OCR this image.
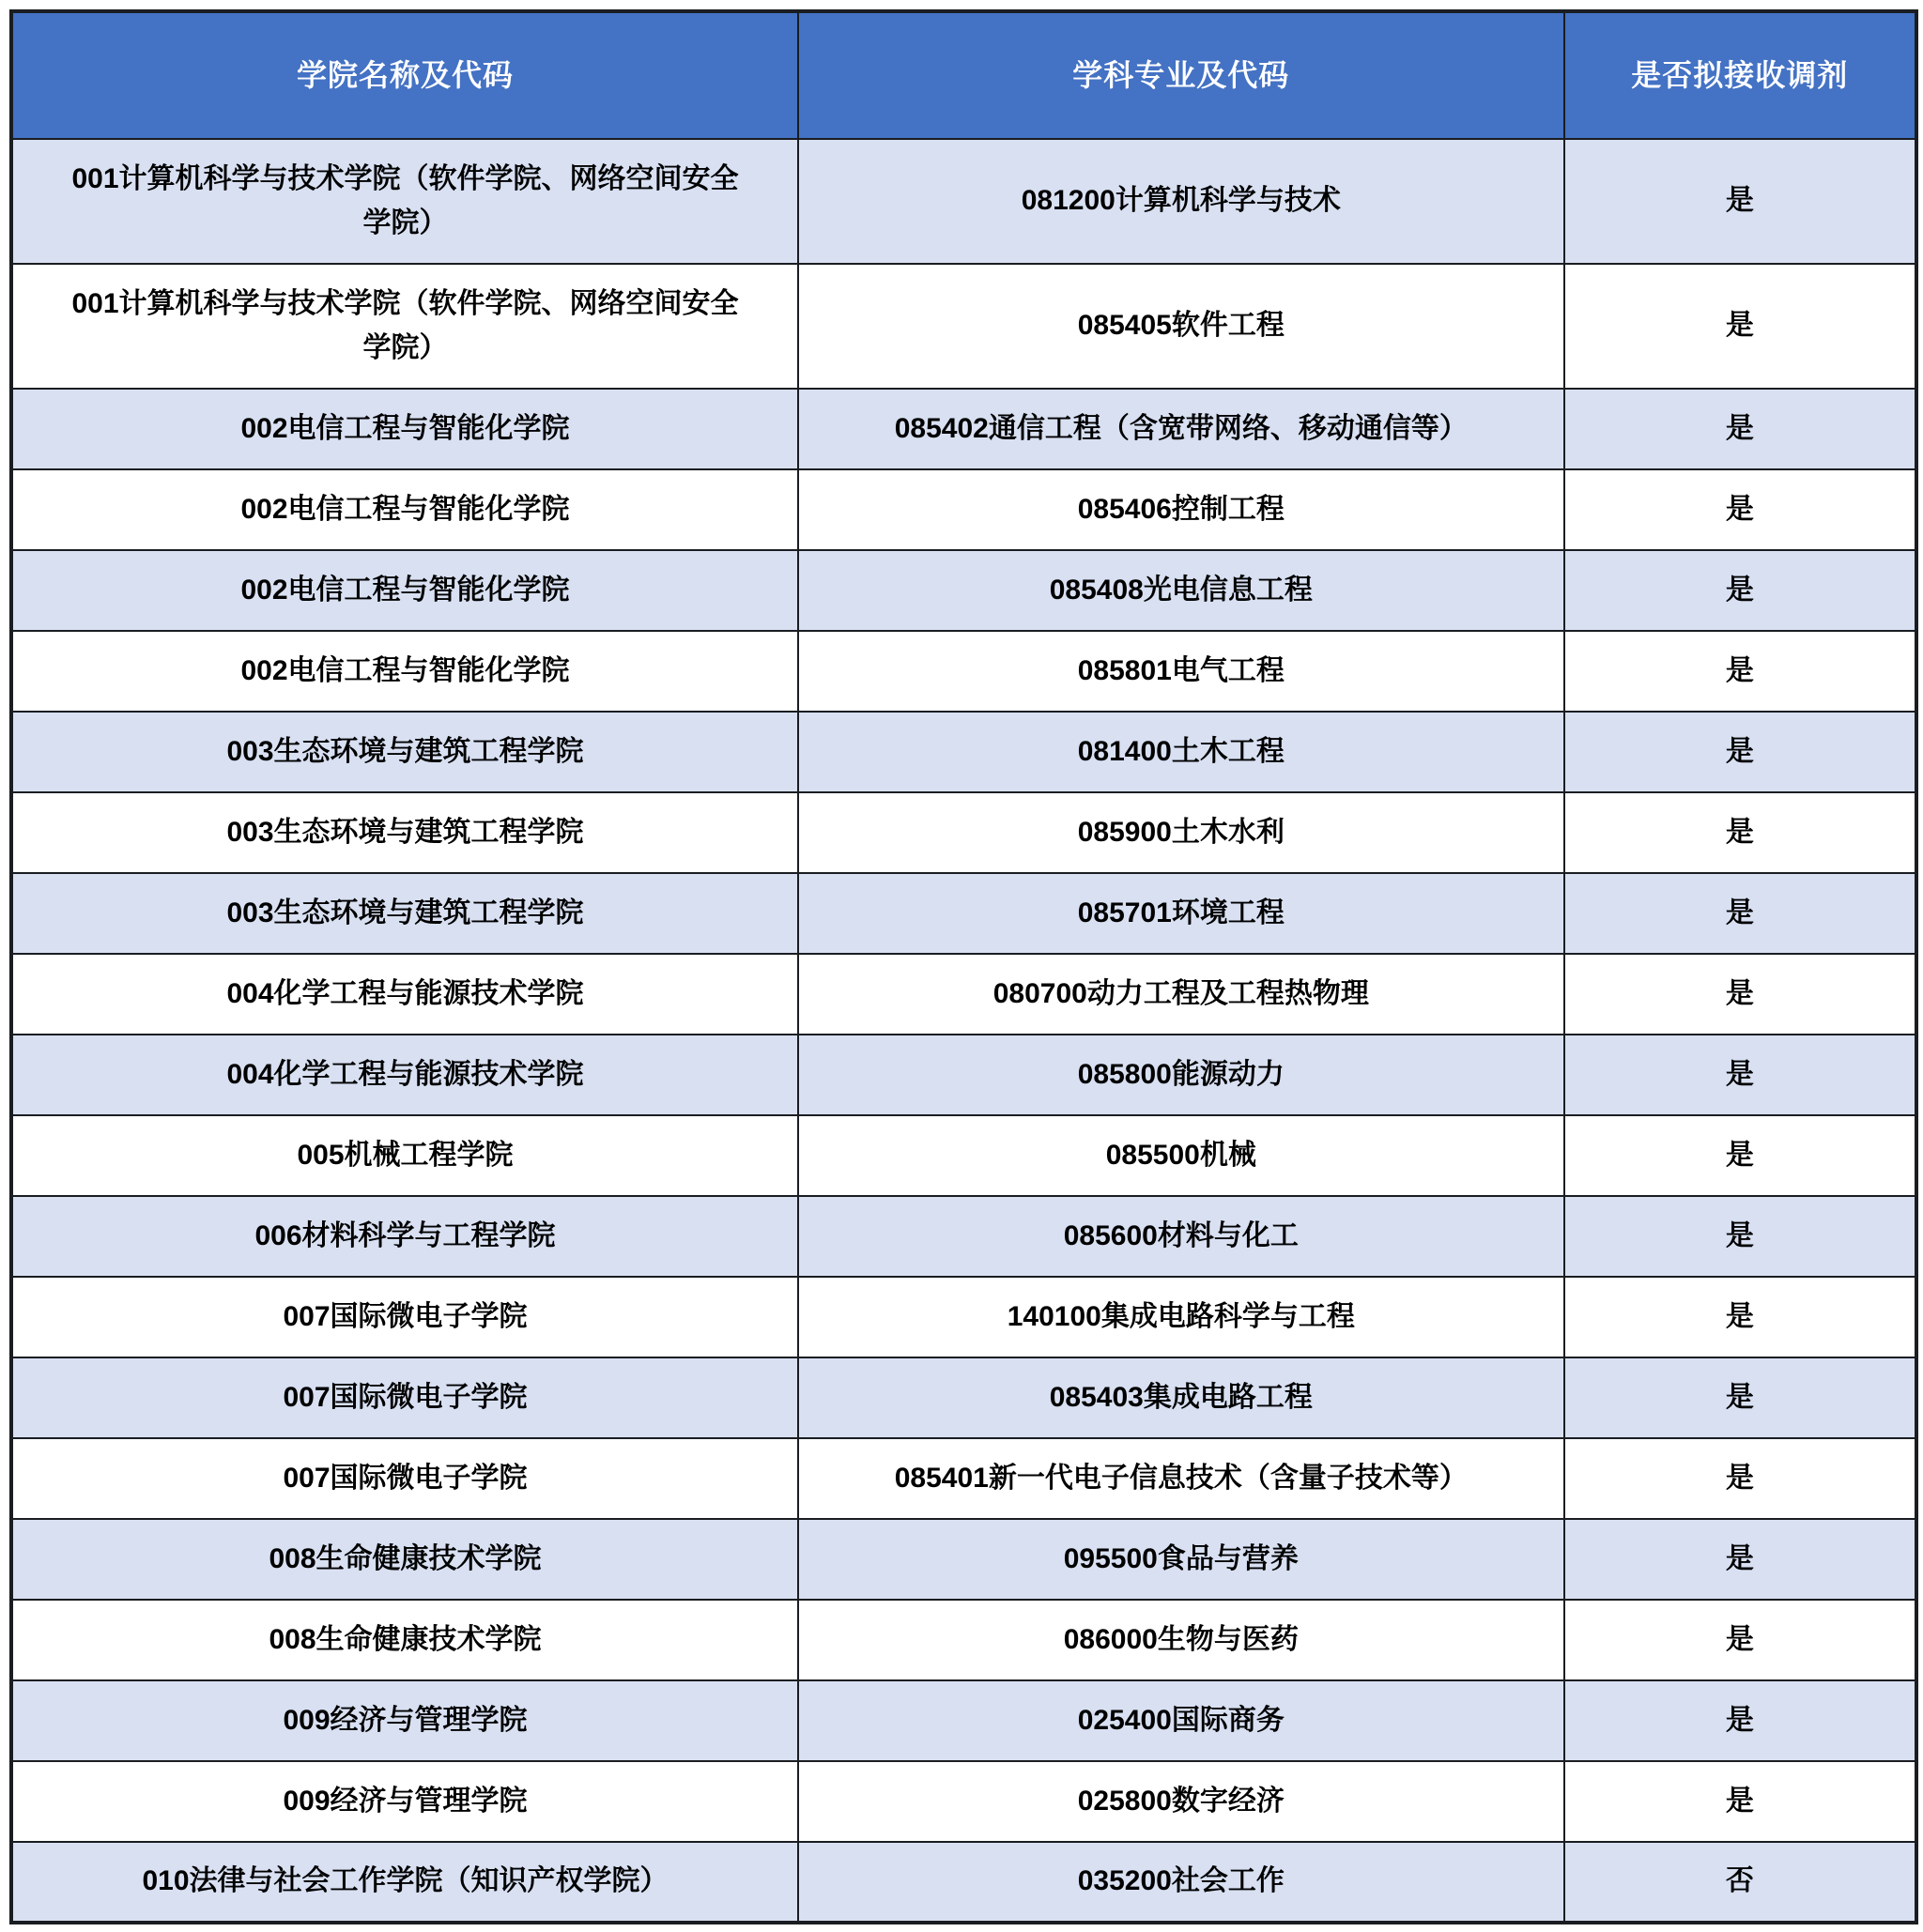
学院名称及代码	学科专业及代码	是否拟接收调剂
001计算机科学与技术学院（软件学院、网络空间安全学院）	081200计算机科学与技术	是
001计算机科学与技术学院（软件学院、网络空间安全学院）	085405软件工程	是
002电信工程与智能化学院	085402通信工程（含宽带网络、移动通信等）	是
002电信工程与智能化学院	085406控制工程	是
002电信工程与智能化学院	085408光电信息工程	是
002电信工程与智能化学院	085801电气工程	是
003生态环境与建筑工程学院	081400土木工程	是
003生态环境与建筑工程学院	085900土木水利	是
003生态环境与建筑工程学院	085701环境工程	是
004化学工程与能源技术学院	080700动力工程及工程热物理	是
004化学工程与能源技术学院	085800能源动力	是
005机械工程学院	085500机械	是
006材料科学与工程学院	085600材料与化工	是
007国际微电子学院	140100集成电路科学与工程	是
007国际微电子学院	085403集成电路工程	是
007国际微电子学院	085401新一代电子信息技术（含量子技术等）	是
008生命健康技术学院	095500食品与营养	是
008生命健康技术学院	086000生物与医药	是
009经济与管理学院	025400国际商务	是
009经济与管理学院	025800数字经济	是
010法律与社会工作学院（知识产权学院）	035200社会工作	否
